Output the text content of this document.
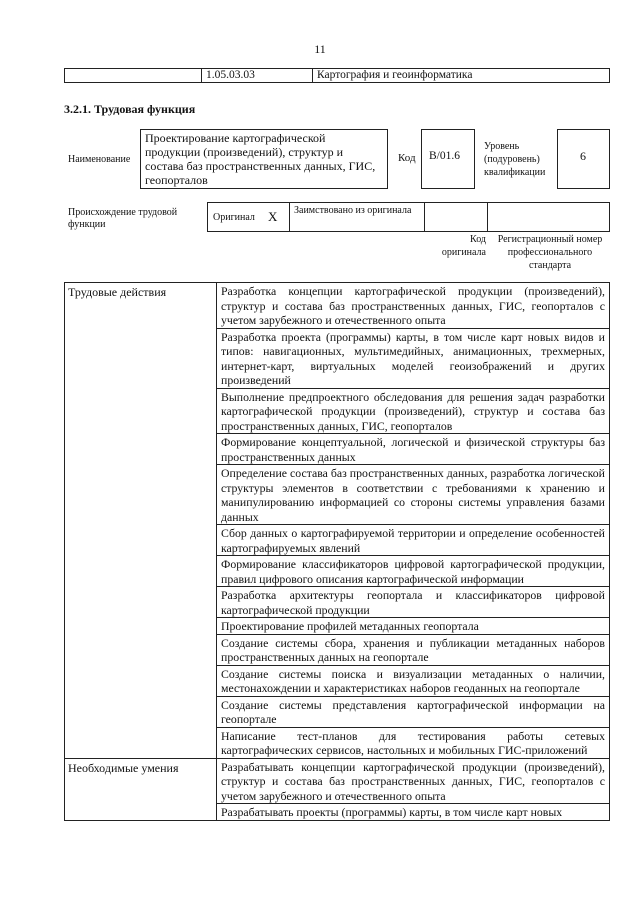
11
1.05.03.03	Картография и геоинформатика
3.2.1. Трудовая функция
Наименование
Проектирование картографической продукции (произведений), структур и состава баз пространственных данных, ГИС, геопорталов
Код	B/01.6
Уровень (подуровень) квалификации
6
Происхождение трудовой функции
Оригинал X	Заимствовано из оригинала
Код оригинала
Регистрационный номер профессионального стандарта
Трудовые действия	Разработка концепции картографической продукции (произведений), структур и состава баз пространственных данных, ГИС, геопорталов с учетом зарубежного и отечественного опыта
	Разработка проекта (программы) карты, в том числе карт новых видов и типов: навигационных, мультимедийных, анимационных, трехмерных, интернет-карт, виртуальных моделей геоизображений и других произведений
	Выполнение предпроектного обследования для решения задач разработки картографической продукции (произведений), структур и состава баз пространственных данных, ГИС, геопорталов
	Формирование концептуальной, логической и физической структуры баз пространственных данных
	Определение состава баз пространственных данных, разработка логической структуры элементов в соответствии с требованиями к хранению и манипулированию информацией со стороны системы управления базами данных
	Сбор данных о картографируемой территории и определение особенностей картографируемых явлений
	Формирование классификаторов цифровой картографической продукции, правил цифрового описания картографической информации
	Разработка архитектуры геопортала и классификаторов цифровой картографической продукции
	Проектирование профилей метаданных геопортала
	Создание системы сбора, хранения и публикации метаданных наборов пространственных данных на геопортале
	Создание системы поиска и визуализации метаданных о наличии, местонахождении и характеристиках наборов геоданных на геопортале
	Создание системы представления картографической информации на геопортале
	Написание тест-планов для тестирования работы сетевых картографических сервисов, настольных и мобильных ГИС-приложений
Необходимые умения	Разрабатывать концепции картографической продукции (произведений), структур и состава баз пространственных данных, ГИС, геопорталов с учетом зарубежного и отечественного опыта
	Разрабатывать проекты (программы) карты, в том числе карт новых
